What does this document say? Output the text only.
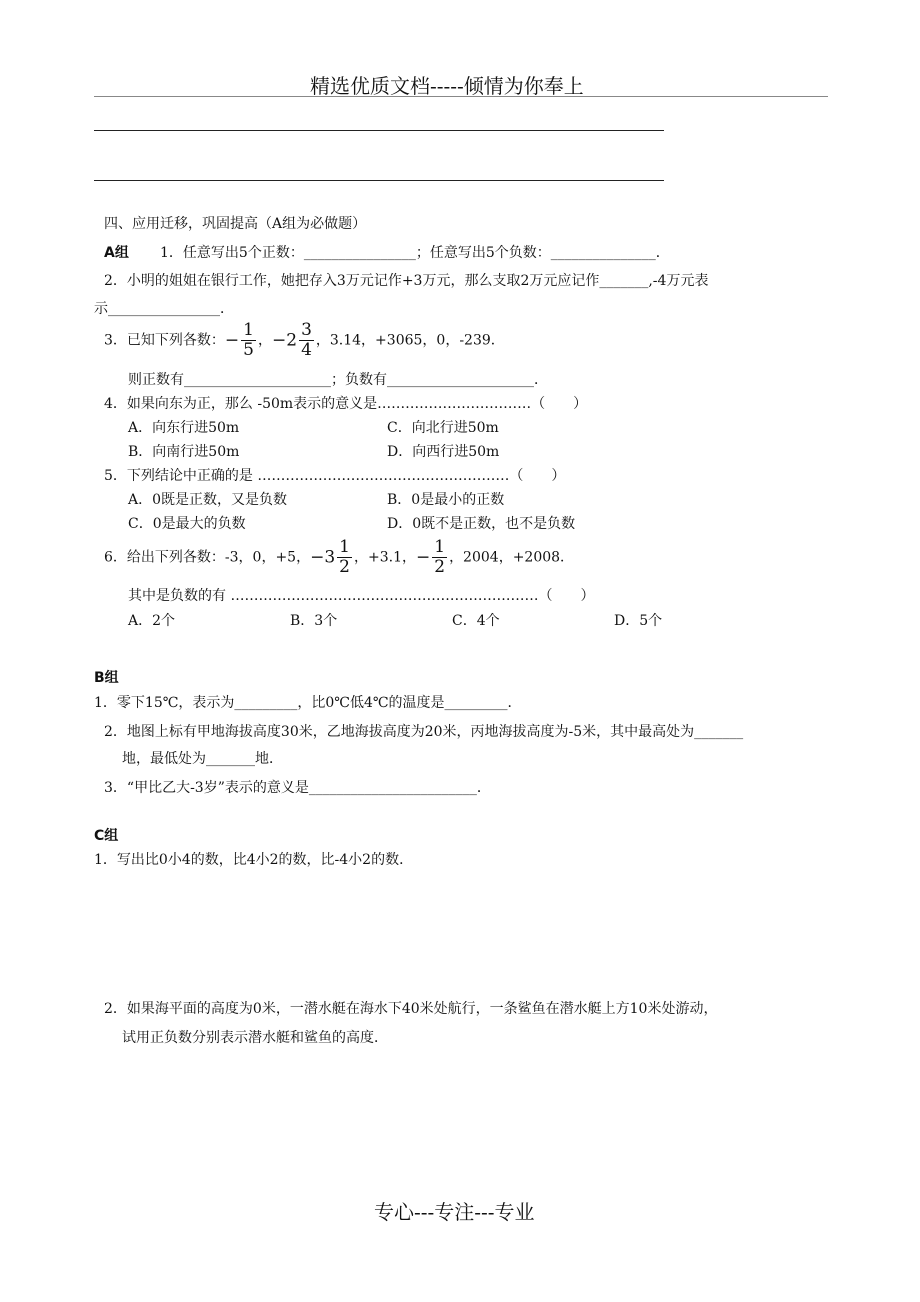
精选优质文档-----倾情为你奉上
四、应用迁移，巩固提高（A组为必做题）
A组 1．任意写出5个正数：________________；任意写出5个负数：_______________．
2．小明的姐姐在银行工作，她把存入3万元记作+3万元，那么支取2万元应记作_______,-4万元表
示________________．
3．已知下列各数：− $\frac{1}{5}$ ，$-2 \frac{3}{4}$ ，3.14，+3065，0，-239．
则正数有_____________________；负数有_____________________．
4．如果向东为正，那么 -50m表示的意义是……………………………（　　）
A．向东行进50m	C．向北行进50m
B．向南行进50m	D．向西行进50m
5．下列结论中正确的是 ………………………………………………（　　）
A．0既是正数，又是负数	B．0是最小的正数
C．0是最大的负数	D．0既不是正数，也不是负数
6．给出下列各数：-3，0，+5，$-3 \frac{1}{2}$ ，+3.1，− $\frac{1}{2}$ ，2004，+2008．
其中是负数的有 …………………………………………………………（　　）
A．2个	B．3个	C．4个	D．5个
B组
1．零下15℃，表示为_________，比0℃低4℃的温度是_________．
2．地图上标有甲地海拔高度30米，乙地海拔高度为20米，丙地海拔高度为-5米，其中最高处为_______
地，最低处为_______地．
3．“甲比乙大-3岁”表示的意义是________________________．
C组
1．写出比0小4的数，比4小2的数，比-4小2的数．
2．如果海平面的高度为0米，一潜水艇在海水下40米处航行，一条鲨鱼在潜水艇上方10米处游动，
试用正负数分别表示潜水艇和鲨鱼的高度．
专心---专注---专业
